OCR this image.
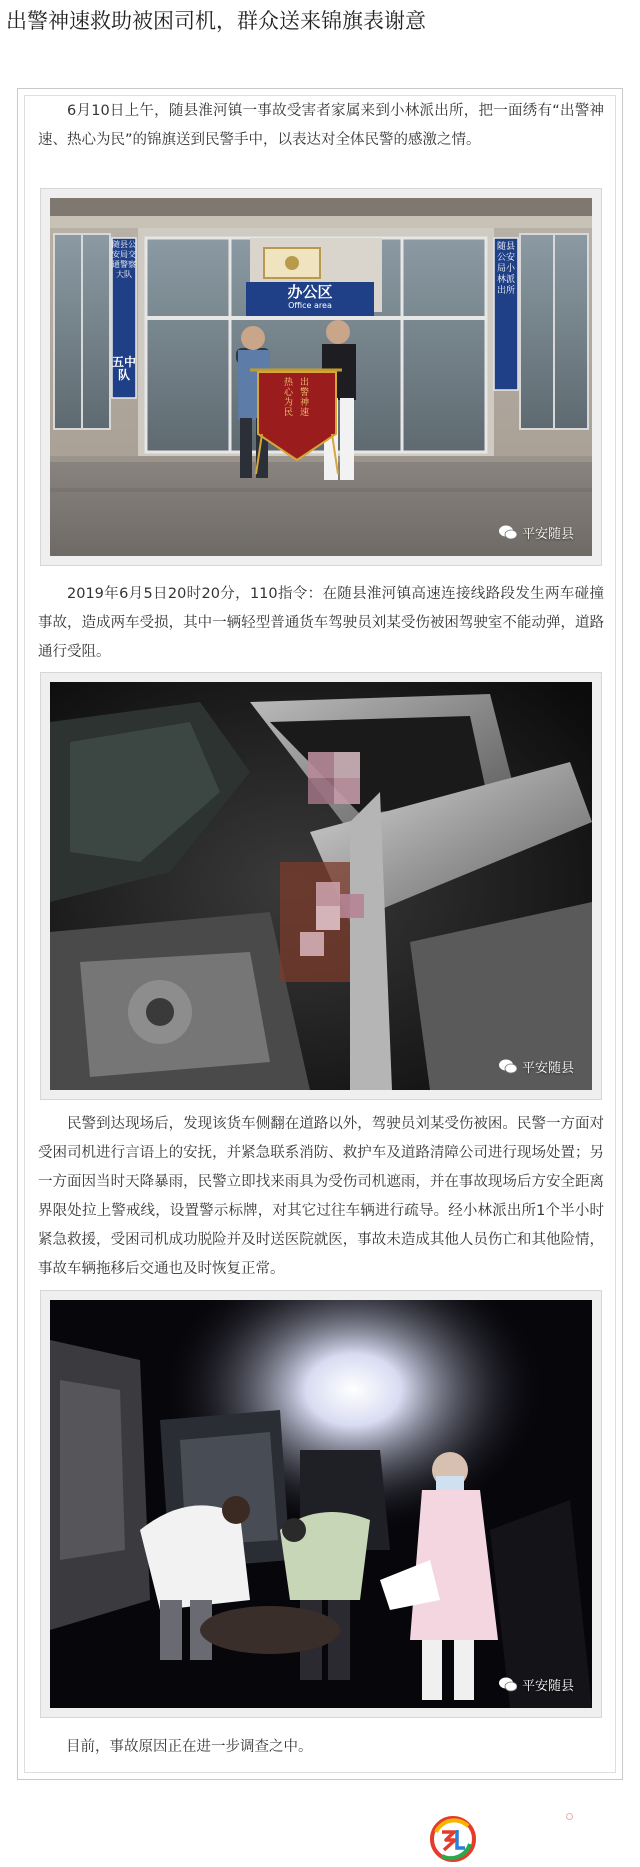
出警神速救助被困司机，群众送来锦旗表谢意

6月10日上午，随县淮河镇一事故受害者家属来到小林派出所，把一面绣有“出警神速、热心为民”的锦旗送到民警手中，以表达对全体民警的感激之情。

办公区
Office area
随县公安局交通警察大队
五中队
随县公安局小林派出所
出警神速
热心为民
平安随县

2019年6月5日20时20分，110指令：在随县淮河镇高速连接线路段发生两车碰撞事故，造成两车受损，其中一辆轻型普通货车驾驶员刘某受伤被困驾驶室不能动弹，道路通行受阻。

平安随县

民警到达现场后，发现该货车侧翻在道路以外，驾驶员刘某受伤被困。民警一方面对受困司机进行言语上的安抚，并紧急联系消防、救护车及道路清障公司进行现场处置；另一方面因当时天降暴雨，民警立即找来雨具为受伤司机遮雨，并在事故现场后方安全距离界限处拉上警戒线，设置警示标牌，对其它过往车辆进行疏导。经小林派出所1个半小时紧急救援，受困司机成功脱险并及时送医院就医，事故未造成其他人员伤亡和其他险情，事故车辆拖移后交通也及时恢复正常。

平安随县

目前，事故原因正在进一步调查之中。
